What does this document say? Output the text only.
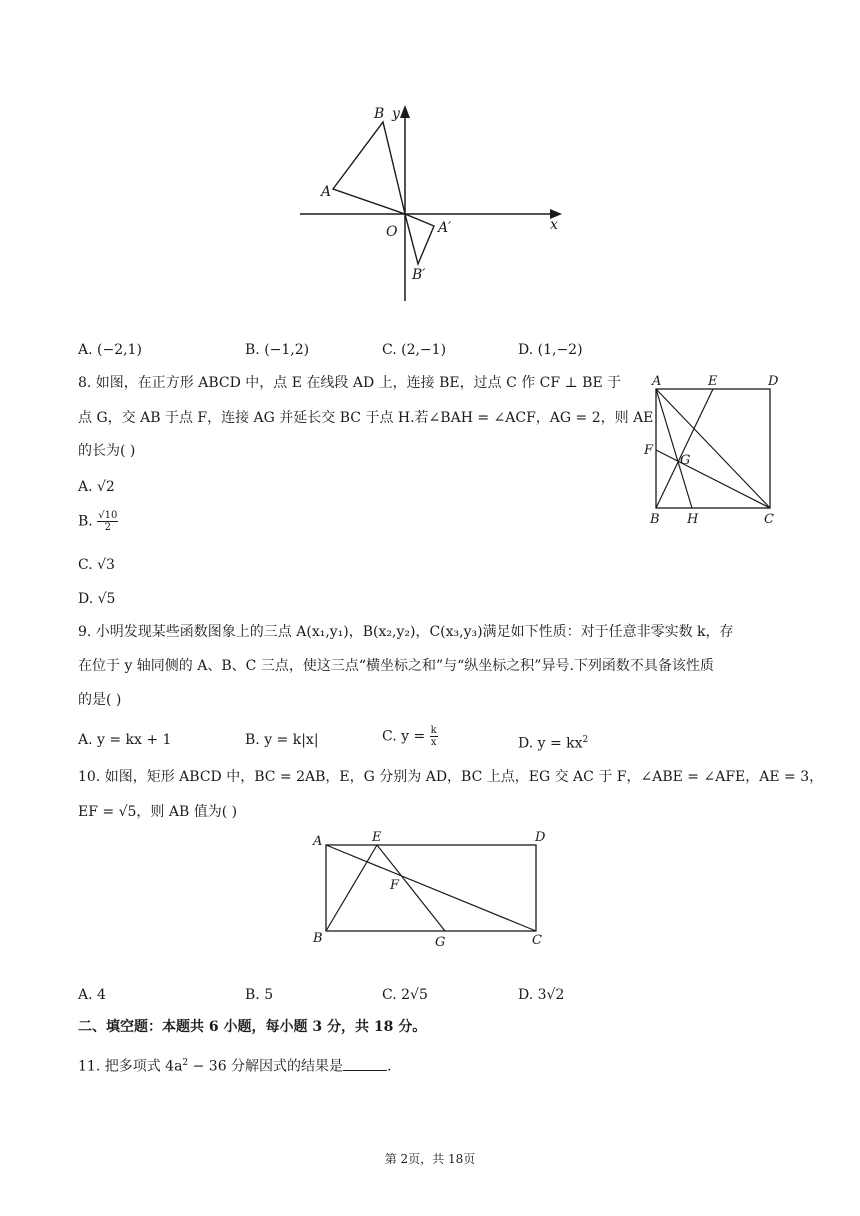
B y
A
O	A′	x
B′
A. (−2,1)	B. (−1,2)	C. (2,−1)	D. (1,−2)
8. 如图，在正方形 ABCD 中，点 E 在线段 AD 上，连接 BE，过点 C 作 CF ⊥ BE 于
点 G，交 AB 于点 F，连接 AG 并延长交 BC 于点 H.若∠BAH = ∠ACF，AG = 2，则 AE
的长为( )
A. √2
B. $\frac{√10}{2}$
C. √3
D. √5
A	E	D
F
G
B H	C
9. 小明发现某些函数图象上的三点 A(x₁,y₁)，B(x₂,y₂)，C(x₃,y₃)满足如下性质：对于任意非零实数 k，存
在位于 y 轴同侧的 A、B、C 三点，使这三点“横坐标之和”与“纵坐标之积”异号.下列函数不具备该性质
的是( )
A. y = kx + 1	B. y = k|x|	C. $y = \frac{k}{x}$	D. $y = kx^2$
10. 如图，矩形 ABCD 中，BC = 2AB，E，G 分别为 AD，BC 上点，EG 交 AC 于 F，∠ABE = ∠AFE，AE = 3，
EF = √5，则 AB 值为( )
A	E	D
F
B	G	C
A. 4	B. 5	C. 2√5	D. 3√2
二、填空题：本题共 6 小题，每小题 3 分，共 18 分。
11. 把多项式 $4a^2 - 36$ 分解因式的结果是	.
第 2页，共 18页
